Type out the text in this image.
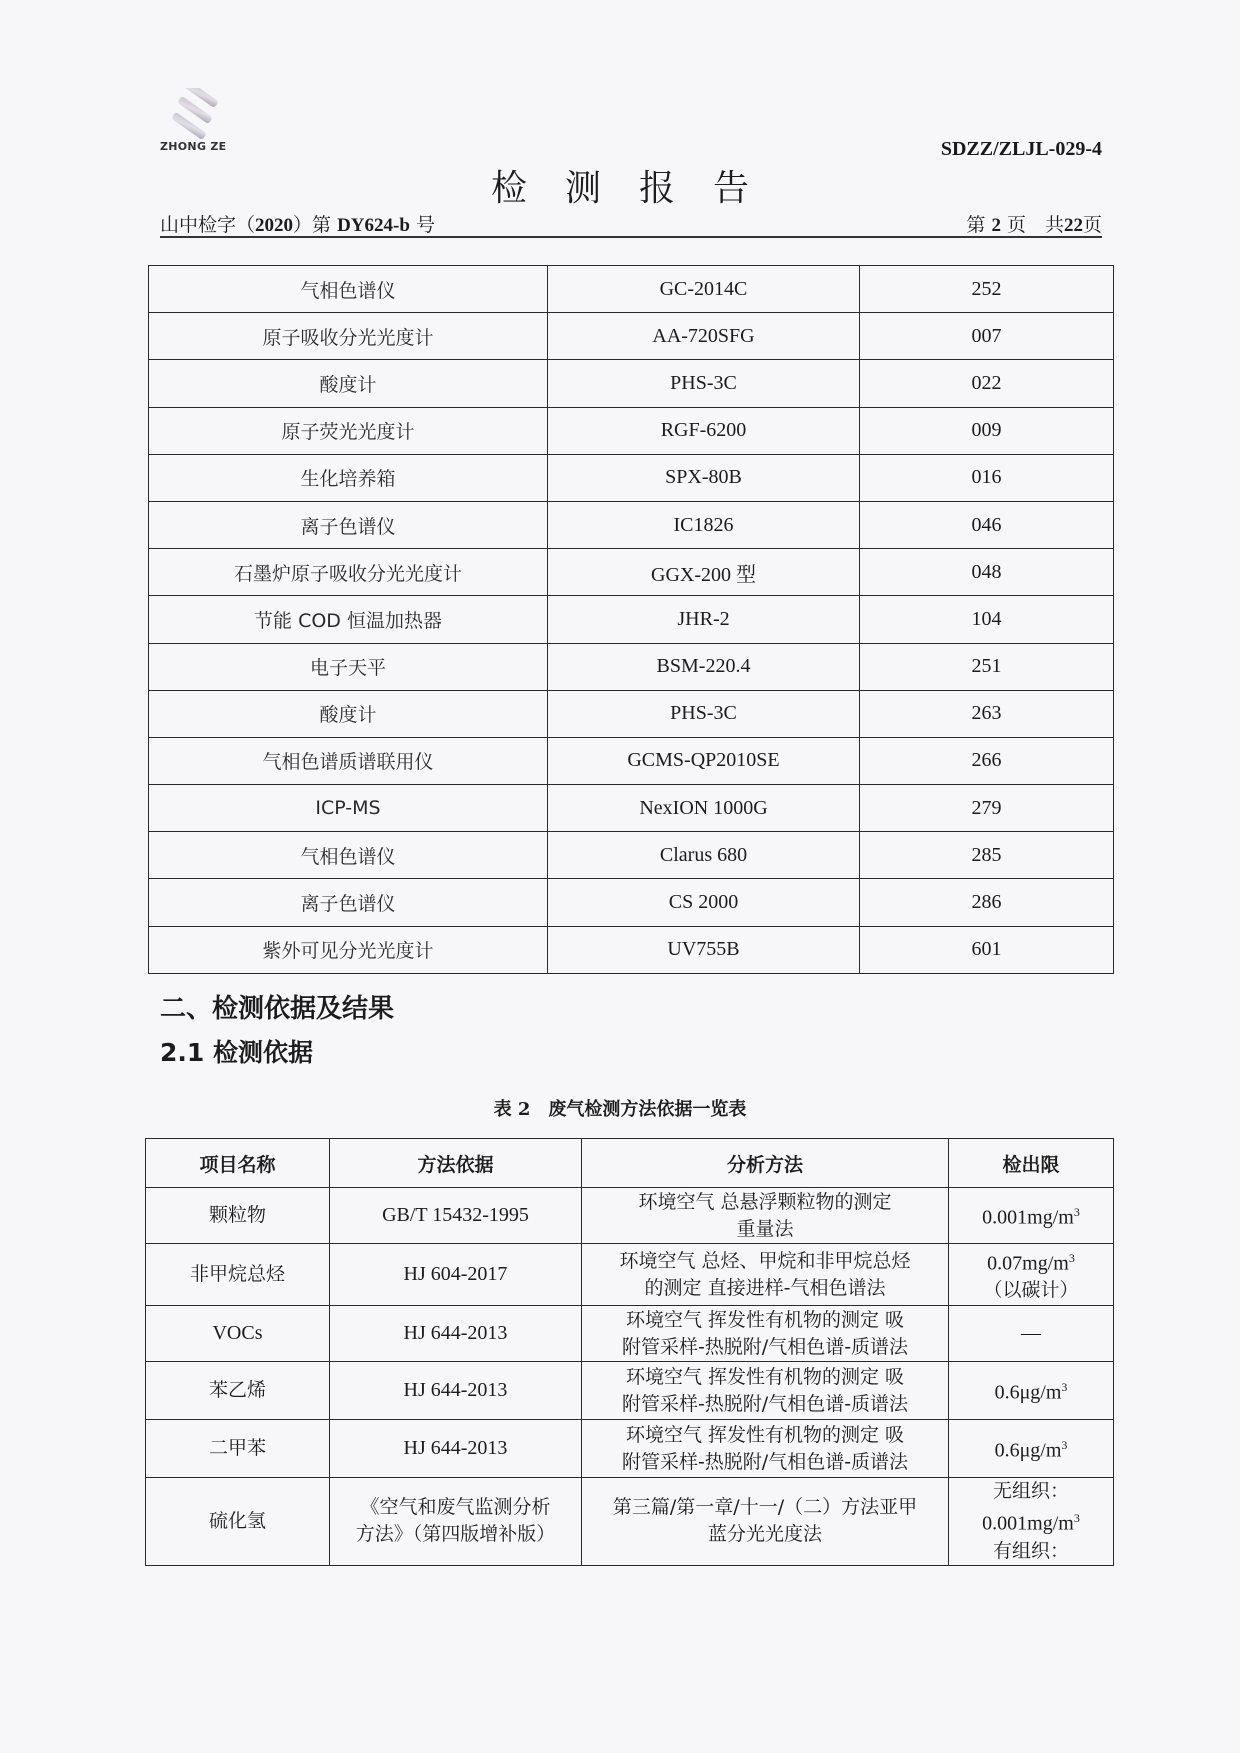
ZHONG ZE	SDZZ/ZLJL-029-4
检测报告
山中检字（2020）第 DY624-b 号	第 2 页　共22页
气相色谱仪	GC-2014C	252
原子吸收分光光度计	AA-720SFG	007
酸度计	PHS-3C	022
原子荧光光度计	RGF-6200	009
生化培养箱	SPX-80B	016
离子色谱仪	IC1826	046
石墨炉原子吸收分光光度计	GGX-200 型	048
节能 COD 恒温加热器	JHR-2	104
电子天平	BSM-220.4	251
酸度计	PHS-3C	263
气相色谱质谱联用仪	GCMS-QP2010SE	266
ICP-MS	NexION 1000G	279
气相色谱仪	Clarus 680	285
离子色谱仪	CS 2000	286
紫外可见分光光度计	UV755B	601
二、检测依据及结果
2.1 检测依据
表 2　废气检测方法依据一览表
项目名称	方法依据	分析方法	检出限
颗粒物	GB/T 15432-1995	环境空气 总悬浮颗粒物的测定
重量法	$0.001mg/m^3$
非甲烷总烃	HJ 604-2017	环境空气 总烃、甲烷和非甲烷总烃
的测定 直接进样-气相色谱法	$0.07mg/m^3$
（以碳计）

VOCs	HJ 644-2013	环境空气 挥发性有机物的测定 吸
附管采样-热脱附/气相色谱-质谱法	—
苯乙烯	HJ 644-2013	环境空气 挥发性有机物的测定 吸
附管采样-热脱附/气相色谱-质谱法	$0.6\mu g/m^3$
二甲苯	HJ 644-2013	环境空气 挥发性有机物的测定 吸
附管采样-热脱附/气相色谱-质谱法	$0.6\mu g/m^3$
硫化氢	《空气和废气监测分析
方法》（第四版增补版）	第三篇/第一章/十一/（二）方法亚甲
蓝分光光度法	无组织：
$0.001mg/m^3$
有组织：
